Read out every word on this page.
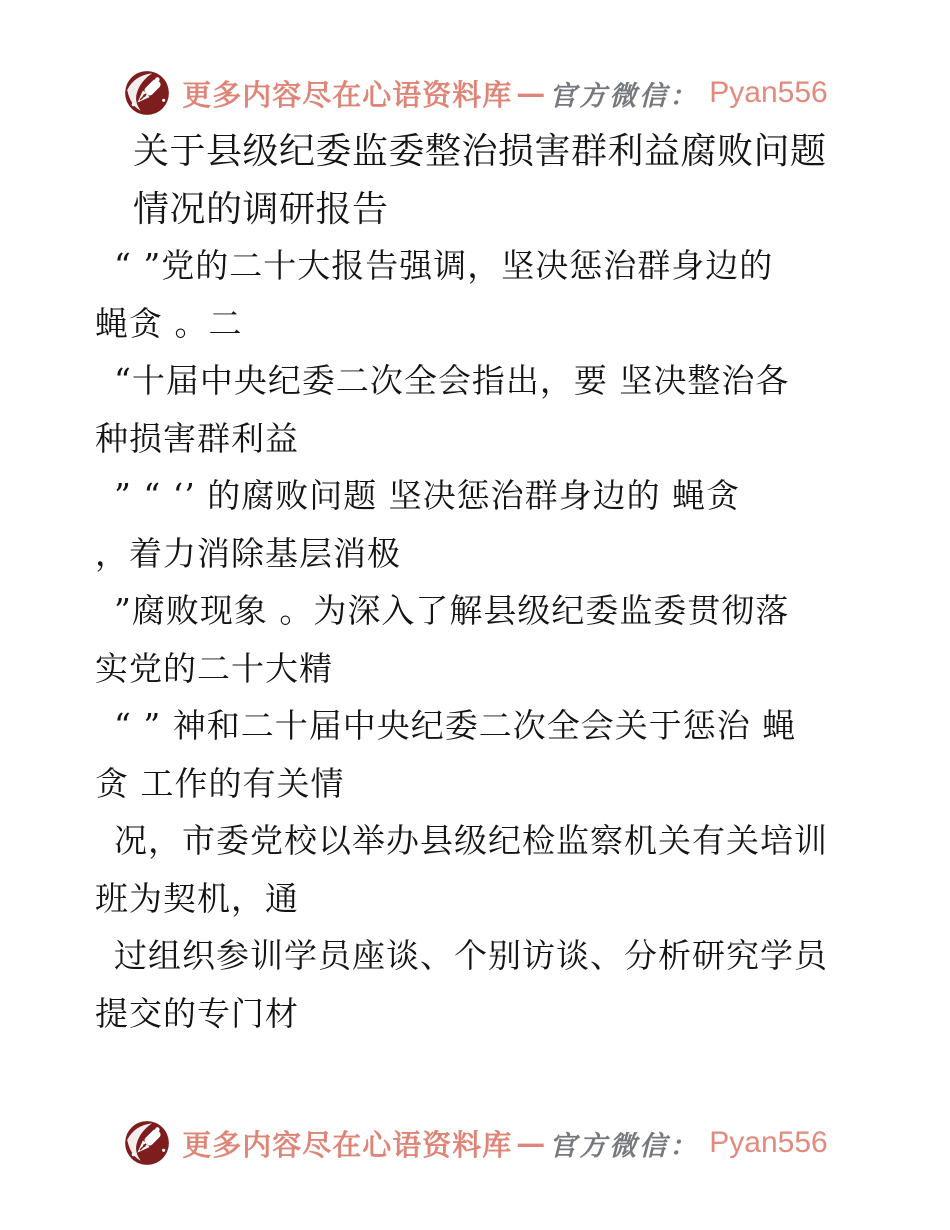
更多内容尽在心语资料库 — 官方微信： Pyan556
关于县级纪委监委整治损害群利益腐败问题
情况的调研报告
“ ”党的二十大报告强调，坚决惩治群身边的
蝇贪 。二
“十届中央纪委二次全会指出，要 坚决整治各
种损害群利益
” “ ‘’ 的腐败问题 坚决惩治群身边的 蝇贪
，着力消除基层消极
”腐败现象 。为深入了解县级纪委监委贯彻落
实党的二十大精
“ ” 神和二十届中央纪委二次全会关于惩治 蝇
贪 工作的有关情
况，市委党校以举办县级纪检监察机关有关培训
班为契机，通
过组织参训学员座谈、个别访谈、分析研究学员
提交的专门材
更多内容尽在心语资料库 — 官方微信： Pyan556
